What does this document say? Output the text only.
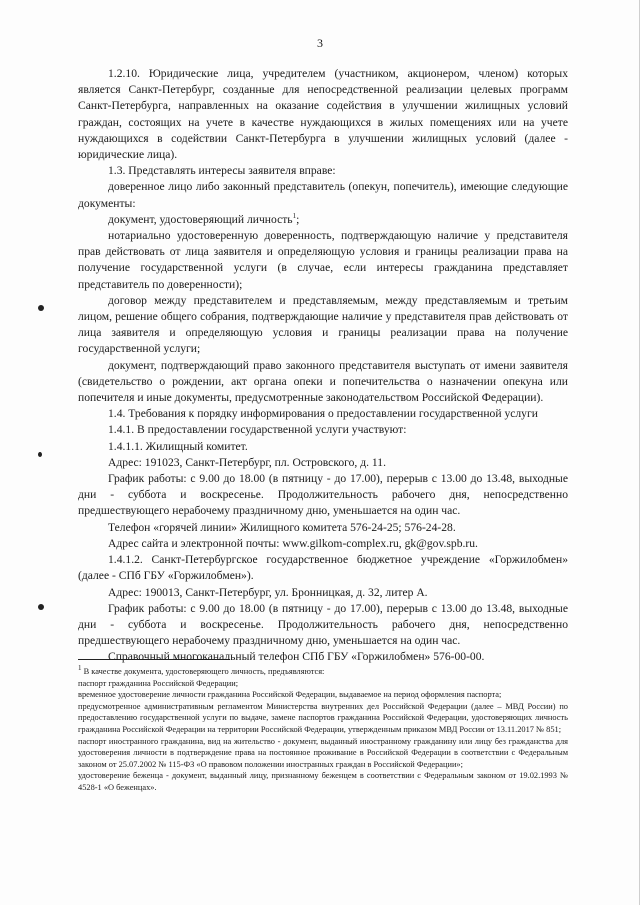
3

1.2.10. Юридические лица, учредителем (участником, акционером, членом) которых является Санкт-Петербург, созданные для непосредственной реализации целевых программ Санкт-Петербурга, направленных на оказание содействия в улучшении жилищных условий граждан, состоящих на учете в качестве нуждающихся в жилых помещениях или на учете нуждающихся в содействии Санкт-Петербурга в улучшении жилищных условий (далее - юридические лица).

1.3. Представлять интересы заявителя вправе:

доверенное лицо либо законный представитель (опекун, попечитель), имеющие следующие документы:

документ, удостоверяющий личность$^1$;

нотариально удостоверенную доверенность, подтверждающую наличие у представителя прав действовать от лица заявителя и определяющую условия и границы реализации права на получение государственной услуги (в случае, если интересы гражданина представляет представитель по доверенности);

договор между представителем и представляемым, между представляемым и третьим лицом, решение общего собрания, подтверждающие наличие у представителя прав действовать от лица заявителя и определяющую условия и границы реализации права на получение государственной услуги;

документ, подтверждающий право законного представителя выступать от имени заявителя (свидетельство о рождении, акт органа опеки и попечительства о назначении опекуна или попечителя и иные документы, предусмотренные законодательством Российской Федерации).

1.4. Требования к порядку информирования о предоставлении государственной услуги

1.4.1. В предоставлении государственной услуги участвуют:

1.4.1.1. Жилищный комитет.

Адрес: 191023, Санкт-Петербург, пл. Островского, д. 11.

График работы: с 9.00 до 18.00 (в пятницу - до 17.00), перерыв с 13.00 до 13.48, выходные дни - суббота и воскресенье. Продолжительность рабочего дня, непосредственно предшествующего нерабочему праздничному дню, уменьшается на один час.

Телефон «горячей линии» Жилищного комитета 576-24-25; 576-24-28.

Адрес сайта и электронной почты: www.gilkom-complex.ru, gk@gov.spb.ru.

1.4.1.2. Санкт-Петербургское государственное бюджетное учреждение «Горжилобмен» (далее - СПб ГБУ «Горжилобмен»).

Адрес: 190013, Санкт-Петербург, ул. Бронницкая, д. 32, литер А.

График работы: с 9.00 до 18.00 (в пятницу - до 17.00), перерыв с 13.00 до 13.48, выходные дни - суббота и воскресенье. Продолжительность рабочего дня, непосредственно предшествующего нерабочему праздничному дню, уменьшается на один час.

Справочный многоканальный телефон СПб ГБУ «Горжилобмен» 576-00-00.

$^1$ В качестве документа, удостоверяющего личность, предъявляются:

паспорт гражданина Российской Федерации;

временное удостоверение личности гражданина Российской Федерации, выдаваемое на период оформления паспорта;

предусмотренное административным регламентом Министерства внутренних дел Российской Федерации (далее – МВД России) по предоставлению государственной услуги по выдаче, замене паспортов гражданина Российской Федерации, удостоверяющих личность гражданина Российской Федерации на территории Российской Федерации, утвержденным приказом МВД России от 13.11.2017 № 851;

паспорт иностранного гражданина, вид на жительство - документ, выданный иностранному гражданину или лицу без гражданства для удостоверения личности в подтверждение права на постоянное проживание в Российской Федерации в соответствии с Федеральным законом от 25.07.2002 № 115-ФЗ «О правовом положении иностранных граждан в Российской Федерации»;

удостоверение беженца - документ, выданный лицу, признанному беженцем в соответствии с Федеральным законом от 19.02.1993 № 4528-1 «О беженцах».
